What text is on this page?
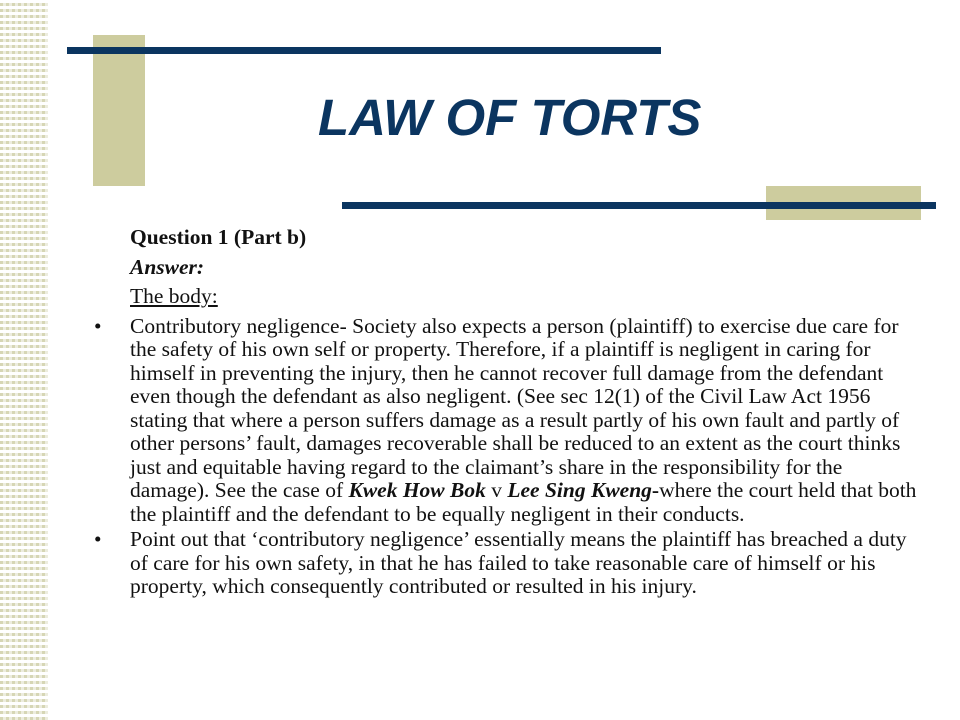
LAW OF TORTS

Question 1 (Part b)

Answer:

The body:

•	Contributory negligence- Society also expects a person (plaintiff) to exercise due care for the safety of his own self or property. Therefore, if a plaintiff is negligent in caring for himself in preventing the injury, then he cannot recover full damage from the defendant even though the defendant as also negligent. (See sec 12(1) of the Civil Law Act 1956 stating that where a person suffers damage as a result partly of his own fault and partly of other persons’ fault, damages recoverable shall be reduced to an extent as the court thinks just and equitable having regard to the claimant’s share in the responsibility for the damage). See the case of Kwek How Bok v Lee Sing Kweng-where the court held that both the plaintiff and the defendant to be equally negligent in their conducts.
•	Point out that ‘contributory negligence’ essentially means the plaintiff has breached a duty of care for his own safety, in that he has failed to take reasonable care of himself or his property, which consequently contributed or resulted in his injury.
